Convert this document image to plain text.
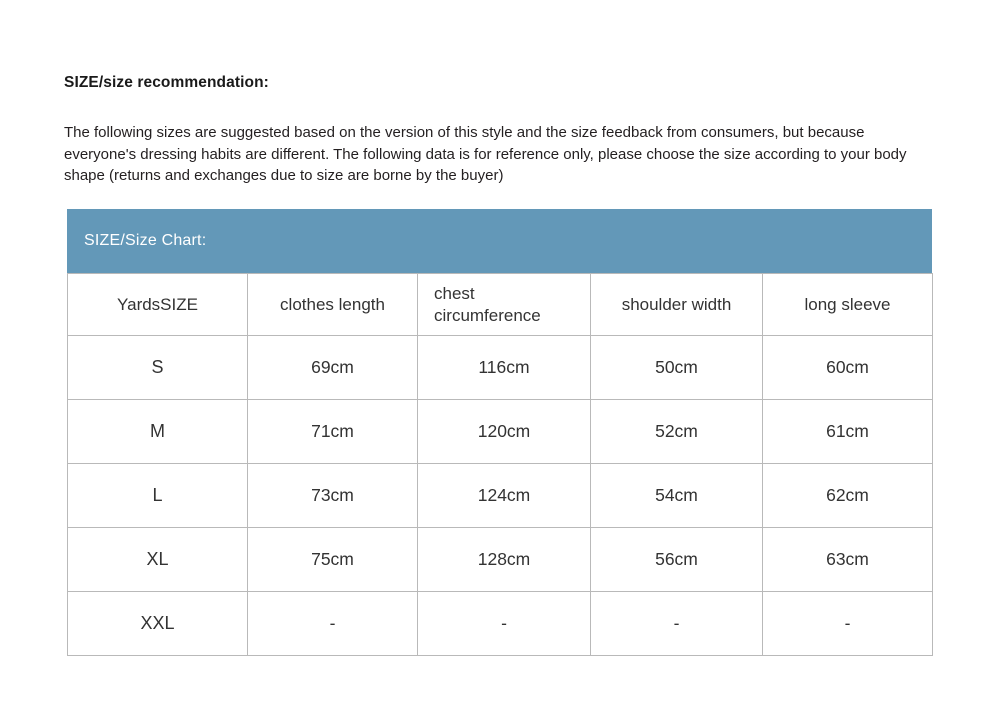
SIZE/size recommendation:
The following sizes are suggested based on the version of this style and the size feedback from consumers, but because everyone's dressing habits are different. The following data is for reference only, please choose the size according to your body shape (returns and exchanges due to size are borne by the buyer)
SIZE/Size Chart:
YardsSIZE	clothes length	chest circumference	shoulder width	long sleeve
S	69cm	116cm	50cm	60cm
M	71cm	120cm	52cm	61cm
L	73cm	124cm	54cm	62cm
XL	75cm	128cm	56cm	63cm
XXL	-	-	-	-
